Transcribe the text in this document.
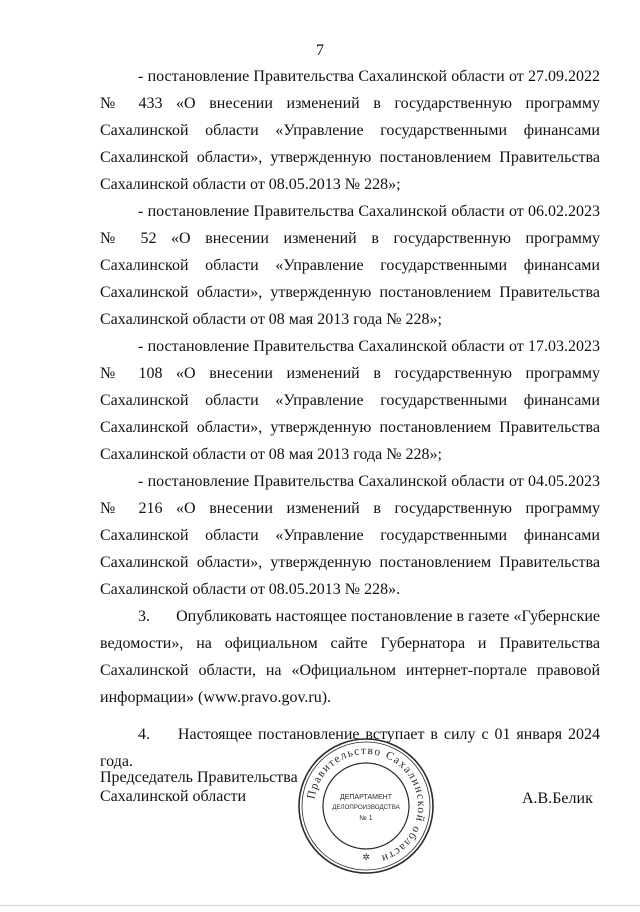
7

- постановление Правительства Сахалинской области от 27.09.2022 № 433 «О внесении изменений в государственную программу Сахалинской области «Управление государственными финансами Сахалинской области», утвержденную постановлением Правительства Сахалинской области от 08.05.2013 № 228»;

- постановление Правительства Сахалинской области от 06.02.2023 № 52 «О внесении изменений в государственную программу Сахалинской области «Управление государственными финансами Сахалинской области», утвержденную постановлением Правительства Сахалинской области от 08 мая 2013 года № 228»;

- постановление Правительства Сахалинской области от 17.03.2023 № 108 «О внесении изменений в государственную программу Сахалинской области «Управление государственными финансами Сахалинской области», утвержденную постановлением Правительства Сахалинской области от 08 мая 2013 года № 228»;

- постановление Правительства Сахалинской области от 04.05.2023 № 216 «О внесении изменений в государственную программу Сахалинской области «Управление государственными финансами Сахалинской области», утвержденную постановлением Правительства Сахалинской области от 08.05.2013 № 228».

3. Опубликовать настоящее постановление в газете «Губернские ведомости», на официальном сайте Губернатора и Правительства Сахалинской области, на «Официальном интернет-портале правовой информации» (www.pravo.gov.ru).

4. Настоящее постановление вступает в силу с 01 января 2024 года.

Председатель Правительства
Сахалинской области	А.В.Белик
Правительство Сахалинской области
ДЕПАРТАМЕНТ
ДЕЛОПРОИЗВОДСТВА
№ 1
✲
